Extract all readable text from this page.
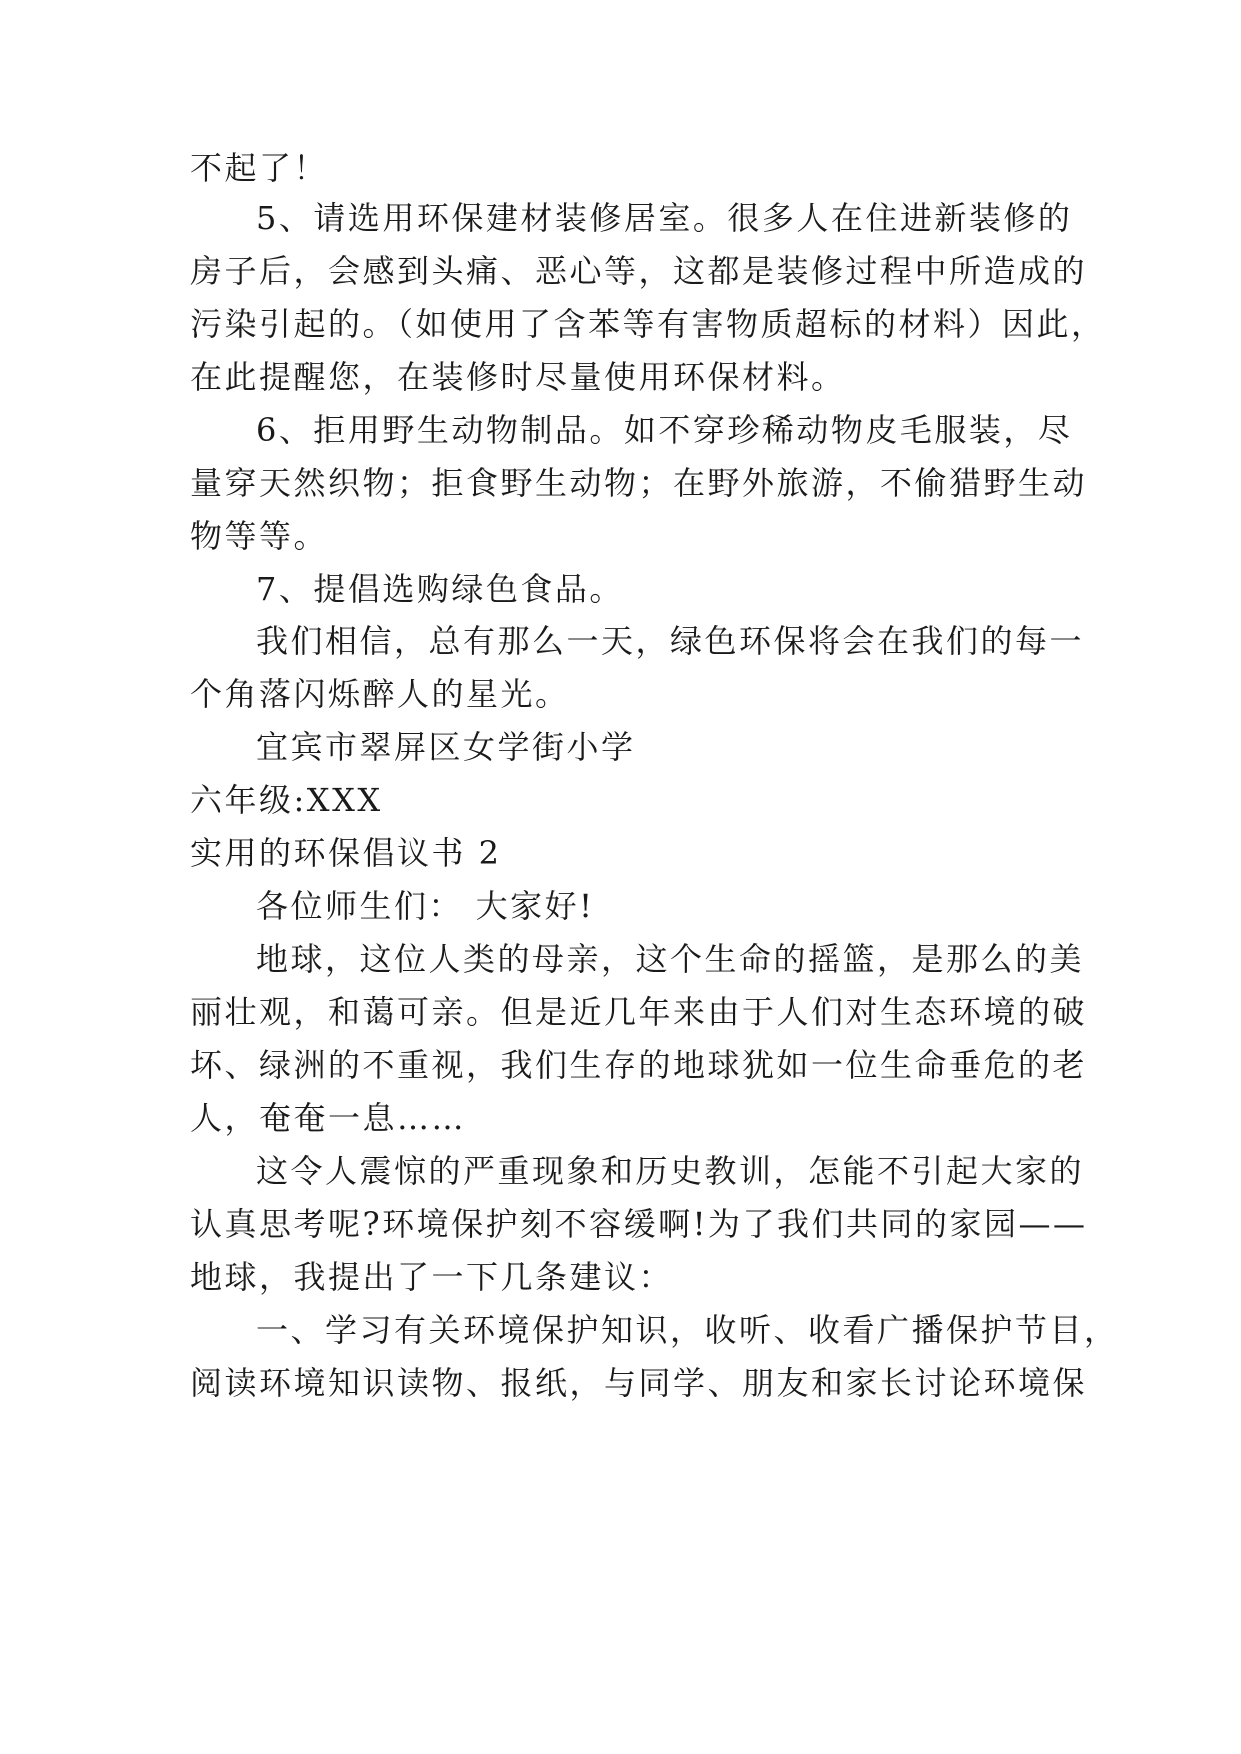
不起了！
5、请选用环保建材装修居室。很多人在住进新装修的
房子后，会感到头痛、恶心等，这都是装修过程中所造成的
污染引起的。（如使用了含苯等有害物质超标的材料）因此，
在此提醒您，在装修时尽量使用环保材料。
6、拒用野生动物制品。如不穿珍稀动物皮毛服装，尽
量穿天然织物；拒食野生动物；在野外旅游，不偷猎野生动
物等等。
7、提倡选购绿色食品。
我们相信，总有那么一天，绿色环保将会在我们的每一
个角落闪烁醉人的星光。
宜宾市翠屏区女学街小学
六年级:XXX
实用的环保倡议书 2
各位师生们： 大家好!
地球，这位人类的母亲，这个生命的摇篮，是那么的美
丽壮观，和蔼可亲。但是近几年来由于人们对生态环境的破
坏、绿洲的不重视，我们生存的地球犹如一位生命垂危的老
人，奄奄一息……
这令人震惊的严重现象和历史教训，怎能不引起大家的
认真思考呢?环境保护刻不容缓啊!为了我们共同的家园——
地球，我提出了一下几条建议：
一、学习有关环境保护知识，收听、收看广播保护节目，
阅读环境知识读物、报纸，与同学、朋友和家长讨论环境保
